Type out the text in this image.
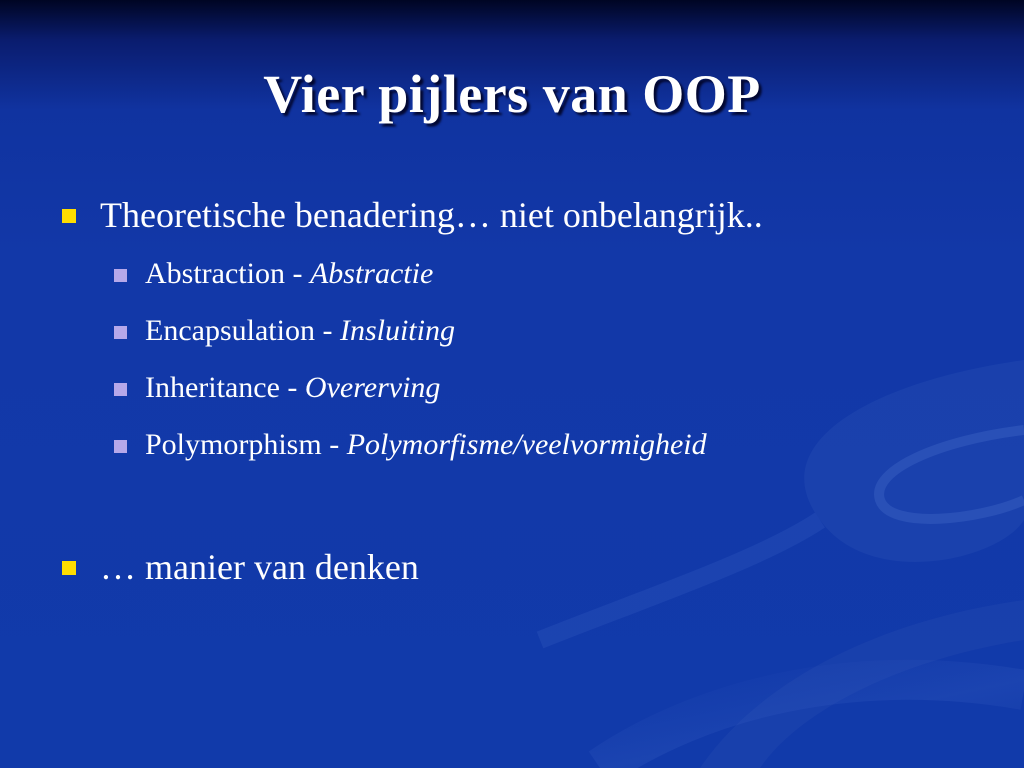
Vier pijlers van OOP
Theoretische benadering… niet onbelangrijk..
Abstraction - Abstractie
Encapsulation - Insluiting
Inheritance - Overerving
Polymorphism - Polymorfisme/veelvormigheid
… manier van denken
